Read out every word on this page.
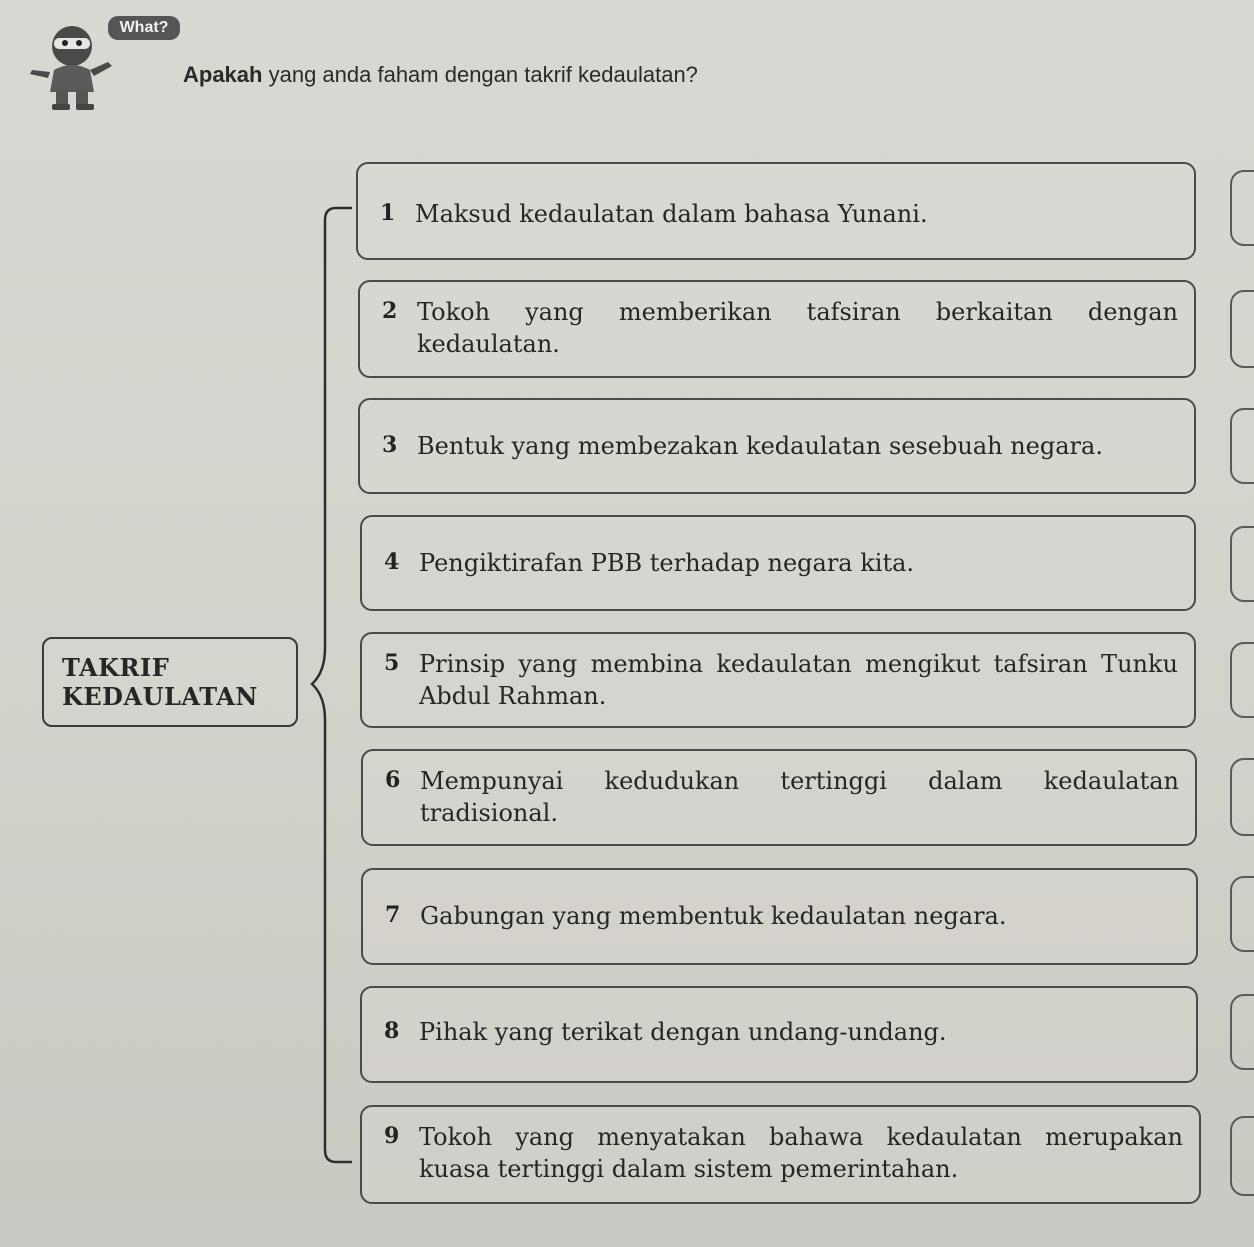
What?
Apakah yang anda faham dengan takrif kedaulatan?
TAKRIF
KEDAULATAN
1 Maksud kedaulatan dalam bahasa Yunani.
2 Tokoh yang memberikan tafsiran berkaitan dengan kedaulatan.
3 Bentuk yang membezakan kedaulatan sesebuah negara.
4 Pengiktirafan PBB terhadap negara kita.
5 Prinsip yang membina kedaulatan mengikut tafsiran Tunku Abdul Rahman.
6 Mempunyai kedudukan tertinggi dalam kedaulatan tradisional.
7 Gabungan yang membentuk kedaulatan negara.
8 Pihak yang terikat dengan undang-undang.
9 Tokoh yang menyatakan bahawa kedaulatan merupakan kuasa tertinggi dalam sistem pemerintahan.
